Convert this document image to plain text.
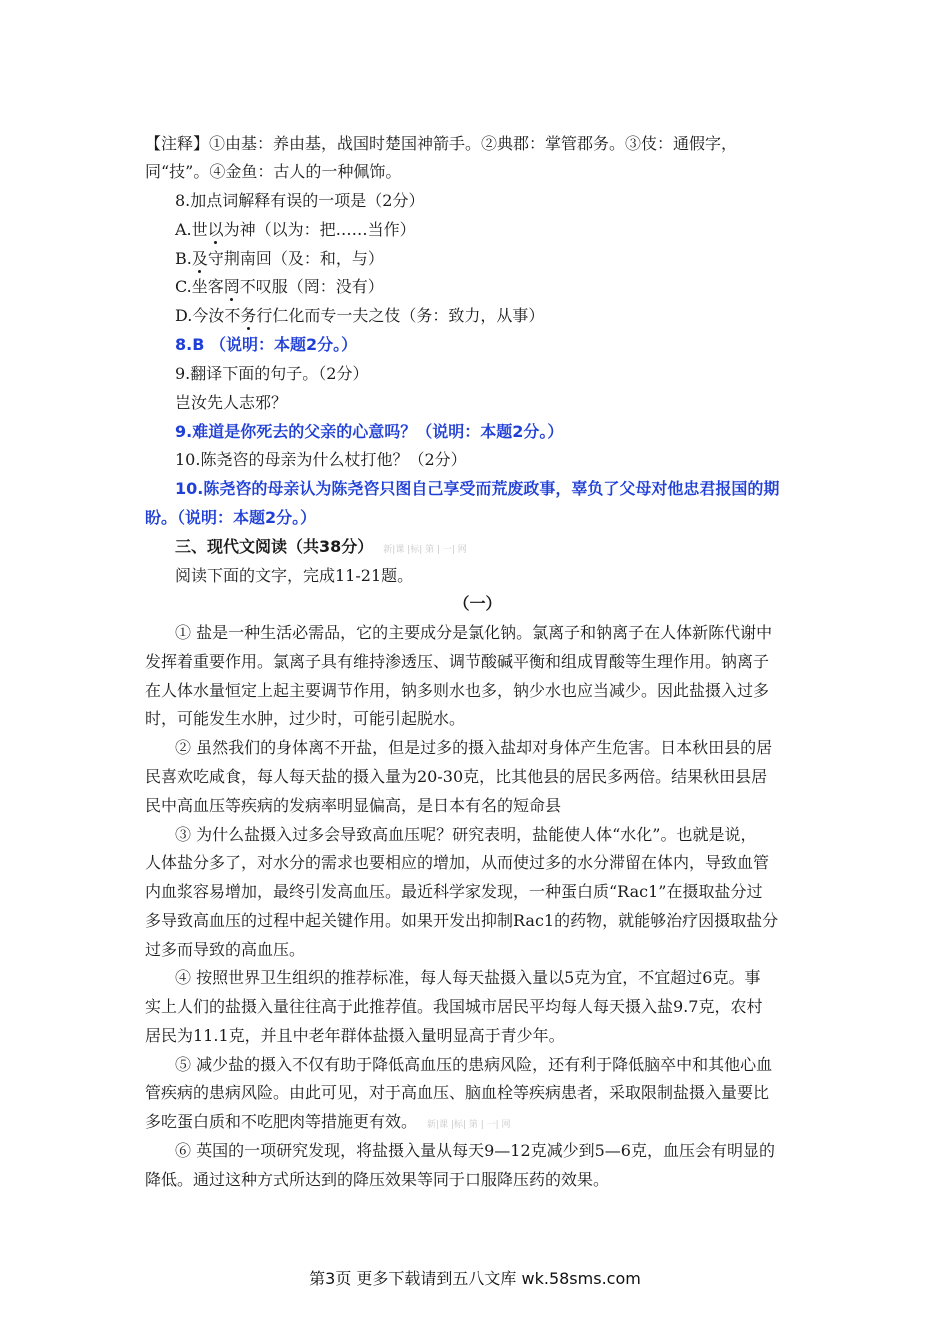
【注释】①由基：养由基，战国时楚国神箭手。②典郡：掌管郡务。③伎：通假字，
同“技”。④金鱼：古人的一种佩饰。
8.加点词解释有误的一项是（2分）
A.世以为神（以为：把……当作）
B.及守荆南回（及：和，与）
C.坐客罔不叹服（罔：没有）
D.今汝不务行仁化而专一夫之伎（务：致力，从事）
8.B （说明：本题2分。）
9.翻译下面的句子。（2分）
岂汝先人志邪？
9.难道是你死去的父亲的心意吗？（说明：本题2分。）
10.陈尧咨的母亲为什么杖打他？（2分）
10.陈尧咨的母亲认为陈尧咨只图自己享受而荒废政事，辜负了父母对他忠君报国的期
盼。（说明：本题2分。）
三、现代文阅读（共38分） 新|课 |标| 第 | 一| 网
阅读下面的文字，完成11-21题。
（一）
① 盐是一种生活必需品，它的主要成分是氯化钠。氯离子和钠离子在人体新陈代谢中
发挥着重要作用。氯离子具有维持渗透压、调节酸碱平衡和组成胃酸等生理作用。钠离子
在人体水量恒定上起主要调节作用，钠多则水也多，钠少水也应当减少。因此盐摄入过多
时，可能发生水肿，过少时，可能引起脱水。
② 虽然我们的身体离不开盐，但是过多的摄入盐却对身体产生危害。日本秋田县的居
民喜欢吃咸食，每人每天盐的摄入量为20-30克，比其他县的居民多两倍。结果秋田县居
民中高血压等疾病的发病率明显偏高，是日本有名的短命县
③ 为什么盐摄入过多会导致高血压呢？研究表明，盐能使人体“水化”。也就是说，
人体盐分多了，对水分的需求也要相应的增加，从而使过多的水分滞留在体内，导致血管
内血浆容易增加，最终引发高血压。最近科学家发现，一种蛋白质“Rac1”在摄取盐分过
多导致高血压的过程中起关键作用。如果开发出抑制Rac1的药物，就能够治疗因摄取盐分
过多而导致的高血压。
④ 按照世界卫生组织的推荐标准，每人每天盐摄入量以5克为宜，不宜超过6克。事
实上人们的盐摄入量往往高于此推荐值。我国城市居民平均每人每天摄入盐9.7克，农村
居民为11.1克，并且中老年群体盐摄入量明显高于青少年。
⑤ 减少盐的摄入不仅有助于降低高血压的患病风险，还有利于降低脑卒中和其他心血
管疾病的患病风险。由此可见，对于高血压、脑血栓等疾病患者，采取限制盐摄入量要比
多吃蛋白质和不吃肥肉等措施更有效。 新|课 |标| 第 | 一| 网
⑥ 英国的一项研究发现，将盐摄入量从每天9—12克减少到5—6克，血压会有明显的
降低。通过这种方式所达到的降压效果等同于口服降压药的效果。
第3页 更多下载请到五八文库 wk.58sms.com
